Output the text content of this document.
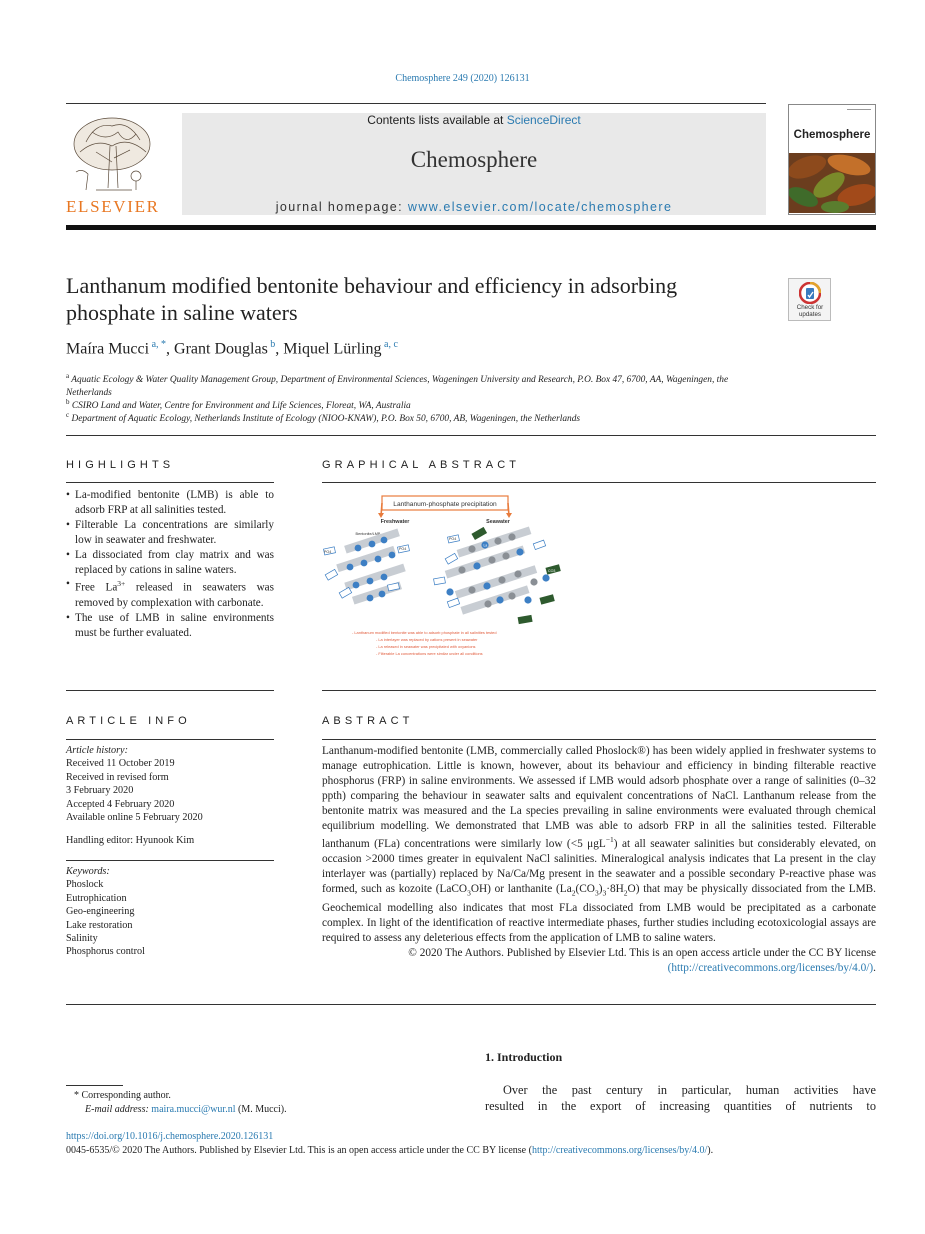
Chemosphere 249 (2020) 126131
ELSEVIER
Contents lists available at ScienceDirect
Chemosphere
journal homepage: www.elsevier.com/locate/chemosphere
Chemosphere
Lanthanum modified bentonite behaviour and efficiency in adsorbing phosphate in saline waters	Check for updates
Maíra Mucci $^{a, *}$, Grant Douglas $^b$, Miquel Lürling $^{a, c}$
$^a$ Aquatic Ecology & Water Quality Management Group, Department of Environmental Sciences, Wageningen University and Research, P.O. Box 47, 6700, AA, Wageningen, the Netherlands
$^b$ CSIRO Land and Water, Centre for Environment and Life Sciences, Floreat, WA, Australia
$^c$ Department of Aquatic Ecology, Netherlands Institute of Ecology (NIOO-KNAW), P.O. Box 50, 6700, AB, Wageningen, the Netherlands
HIGHLIGHTS
• La-modified bentonite (LMB) is able to adsorb FRP at all salinities tested.
• Filterable La concentrations are similarly low in seawater and freshwater.
• La dissociated from clay matrix and was replaced by cations in saline waters.
• Free $La^{3+}$ released in seawaters was removed by complexation with carbonate.
• The use of LMB in saline environments must be further evaluated.
GRAPHICAL ABSTRACT
Lanthanum-phosphate precipitation
Freshwater	Seawater
Bentonite/LMB
PO4
PO4
CO3
PO4
La
- Lanthanum modified bentonite was able to adsorb phosphate in all salinities tested
- La interlayer was replaced by cations present in seawater
- La released in seawater was precipitated with oxyanions
- Filterable La concentrations were similar under all conditions
ARTICLE INFO

Article history:

Received 11 October 2019

Received in revised form

3 February 2020

Accepted 4 February 2020

Available online 5 February 2020

Handling editor: Hyunook Kim

Keywords:
Phoslock
Eutrophication
Geo-engineering
Lake restoration
Salinity
Phosphorus control
ABSTRACT

Lanthanum-modified bentonite (LMB, commercially called Phoslock®) has been widely applied in freshwater systems to manage eutrophication. Little is known, however, about its behaviour and efficiency in binding filterable reactive phosphorus (FRP) in saline environments. We assessed if LMB would adsorb phosphate over a range of salinities (0–32 ppth) comparing the behaviour in seawater salts and equivalent concentrations of NaCl. Lanthanum release from the bentonite matrix was measured and the La species prevailing in saline environments were evaluated through chemical equilibrium modelling. We demonstrated that LMB was able to adsorb FRP in all the salinities tested. Filterable lanthanum (FLa) concentrations were similarly low (<5 μgL$^{-1}$) at all seawater salinities but considerably elevated, on occasion >2000 times greater in equivalent NaCl salinities. Mineralogical analysis indicates that La present in the clay interlayer was (partially) replaced by Na/Ca/Mg present in the seawater and a possible secondary P-reactive phase was formed, such as kozoite (LaCO$_3$OH) or lanthanite $(La_2(CO_3)_3\cdot 8H_2O)$ that may be physically dissociated from the LMB. Geochemical modelling also indicates that most FLa dissociated from LMB would be precipitated as a carbonate complex. In light of the identification of reactive intermediate phases, further studies including ecotoxicologial assays are required to assess any deleterious effects from the application of LMB to saline waters.

© 2020 The Authors. Published by Elsevier Ltd. This is an open access article under the CC BY license
(http://creativecommons.org/licenses/by/4.0/).

1. Introduction
Over the past century in particular, human activities have
resulted in the export of increasing quantities of nutrients to
* Corresponding author.
E-mail address: maira.mucci@wur.nl (M. Mucci).
https://doi.org/10.1016/j.chemosphere.2020.126131
0045-6535/© 2020 The Authors. Published by Elsevier Ltd. This is an open access article under the CC BY license (http://creativecommons.org/licenses/by/4.0/).
